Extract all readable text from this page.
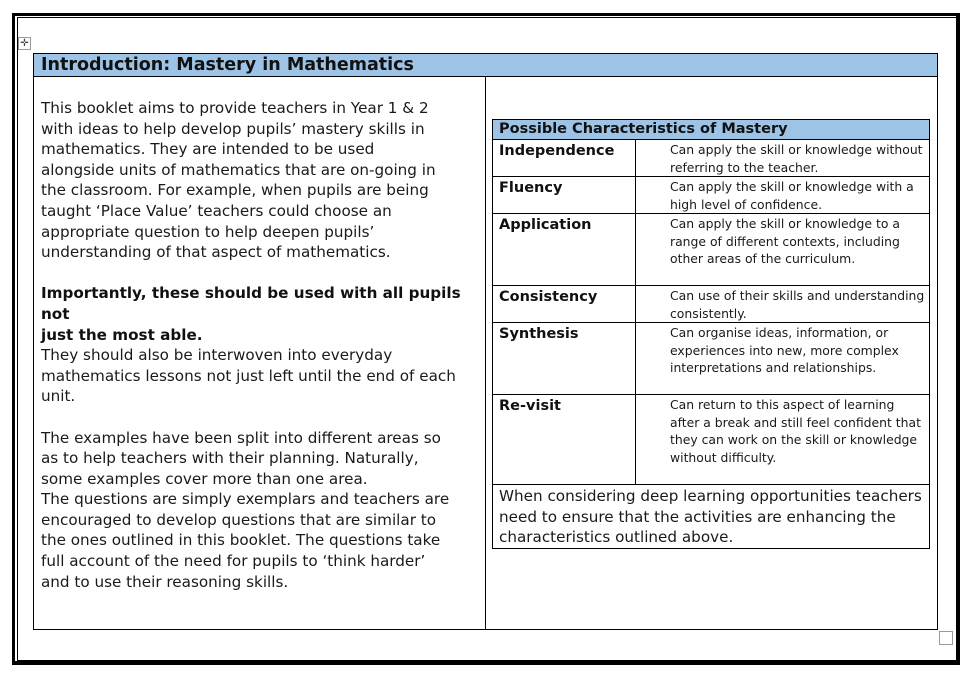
✛
Introduction: Mastery in Mathematics

This booklet aims to provide teachers in Year 1 & 2
with ideas to help develop pupils’ mastery skills in
mathematics. They are intended to be used
alongside units of mathematics that are on-going in
the classroom. For example, when pupils are being
taught ‘Place Value’ teachers could choose an
appropriate question to help deepen pupils’
understanding of that aspect of mathematics.

Importantly, these should be used with all pupils not
just the most able.

They should also be interwoven into everyday
mathematics lessons not just left until the end of each
unit.

The examples have been split into different areas so
as to help teachers with their planning. Naturally,
some examples cover more than one area.
The questions are simply exemplars and teachers are
encouraged to develop questions that are similar to
the ones outlined in this booklet. The questions take
full account of the need for pupils to ‘think harder’
and to use their reasoning skills.

Possible Characteristics of Mastery
Independence	Can apply the skill or knowledge without referring to the teacher.
Fluency	Can apply the skill or knowledge with a high level of confidence.
Application	Can apply the skill or knowledge to a range of different contexts, including other areas of the curriculum.
Consistency	Can use of their skills and understanding consistently.
Synthesis	Can organise ideas, information, or experiences into new, more complex interpretations and relationships.
Re-visit	Can return to this aspect of learning after a break and still feel confident that they can work on the skill or knowledge without difficulty.
When considering deep learning opportunities teachers need to ensure that the activities are enhancing the characteristics outlined above.
